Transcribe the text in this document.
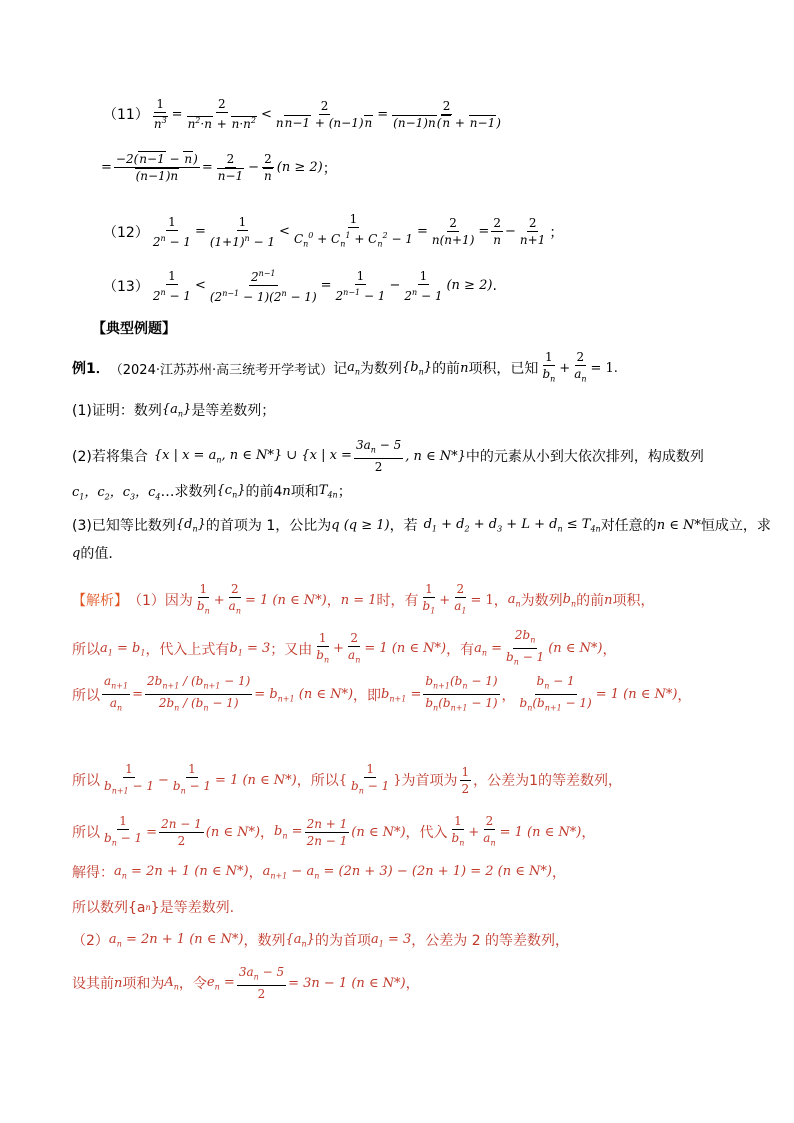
$(11) \frac{1}{n^3} = \frac{2}{n^2\cdot n + n\cdot n^2} < \frac{2}{nn-1 + (n-1)n} = \frac{2}{(n-1)n(n + n-1)}$
= $\frac{-2(n-1 - n)}{(n-1)n} = \frac{2}{n-1} - \frac{2}{n} (n \ge 2)$ ；
$(12) \frac{1}{2^n - 1} = \frac{1}{(1+1)^n - 1} < \frac{1}{C_n^0 + C_n^1 + C_n^2 - 1} = \frac{2}{n(n+1)} = \frac{2}{n} - \frac{2}{n+1}$ ；
$(13) \frac{1}{2^n - 1} < \frac{2^{n-1}}{(2^{n-1} - 1)(2^n - 1)} = \frac{1}{2^{n-1} - 1} - \frac{1}{2^n - 1} (n \ge 2)$ .
【典型例题】
例1． （2024·江苏苏州·高三统考开学考试） 记 $a_n$ 为数列 $\{b_n\}$ 的前 n 项积，已知 $\frac{1}{b_n} + \frac{2}{a_n} = 1$.
(1)证明：数列 $\{a_n\}$ 是等差数列；
(2)若将集合 {x | $x = a_n$, n ∈ N*} ∪ {x | $x = \frac{3a_n - 5}{2}$ , n ∈ N*} 中的元素从小到大依次排列，构成数列
$c_1$，$c_2$，$c_3$，$c_4$ …求数列 $\{c_n\}$ 的前4 n 项和 $T_{4n}$ ；
(3)已知等比数列 $\{d_n\}$ 的首项为 1，公比为 q (q ≥ 1) ，若 $d_1 + d_2 + d_3 + L + d_n \le T_{4n}$ 对任意的 n ∈ N* 恒成立，求
q 的值.
【解析】 （1）因为 $\frac{1}{b_n} + \frac{2}{a_n} = 1$ (n ∈ N*) ， n = 1 时，有 $\frac{1}{b_1} + \frac{2}{a_1} = 1$ ， $a_n$ 为数列 $b_n$ 的前 n 项积，
所以 $a_1 = b_1$ ，代入上式有 $b_1 = 3$ ；又由 $\frac{1}{b_n} + \frac{2}{a_n} = 1$ (n ∈ N*) ，有 $a_n = \frac{2b_n}{b_n - 1} (n$ ∈ N*) ，
所以 $\frac{a_{n+1}}{a_n} = \frac{2b_{n+1} / (b_{n+1} - 1)}{2b_n / (b_n - 1)} = b_{n+1}$ (n ∈ N*) ，即 $b_{n+1} = \frac{b_{n+1}(b_n - 1)}{b_n(b_{n+1} - 1)}$ ， $\frac{b_n - 1}{b_n(b_{n+1} - 1)} = 1$ (n ∈ N*) ，
所以 $\frac{1}{b_{n+1} - 1} - \frac{1}{b_n - 1} = 1$ (n ∈ N*) ，所以 { $\frac{1}{b_n - 1}$ } 为首项为 $\frac{1}{2}$ ，公差为1的等差数列，
所以 $\frac{1}{b_n - 1} = \frac{2n - 1}{2} (n$ ∈ N*) ， $b_n = \frac{2n + 1}{2n - 1} (n$ ∈ N*) ，代入 $\frac{1}{b_n} + \frac{2}{a_n} = 1$ (n ∈ N*) ，
解得： $a_n = 2n + 1$ (n ∈ N*) ， $a_{n+1} - a_n = (2n + 3) - (2n + 1) = 2$ (n ∈ N*) ，
所以数列{a n }是等差数列.
（2） $a_n = 2n + 1$ (n ∈ N*) ，数列 $\{a_n\}$ 的为首项 $a_1 = 3$ ，公差为 2 的等差数列，
设其前 n 项和为 $A_n$ ，令 $e_n = \frac{3a_n - 5}{2} = 3n - 1$ (n ∈ N*) ，
